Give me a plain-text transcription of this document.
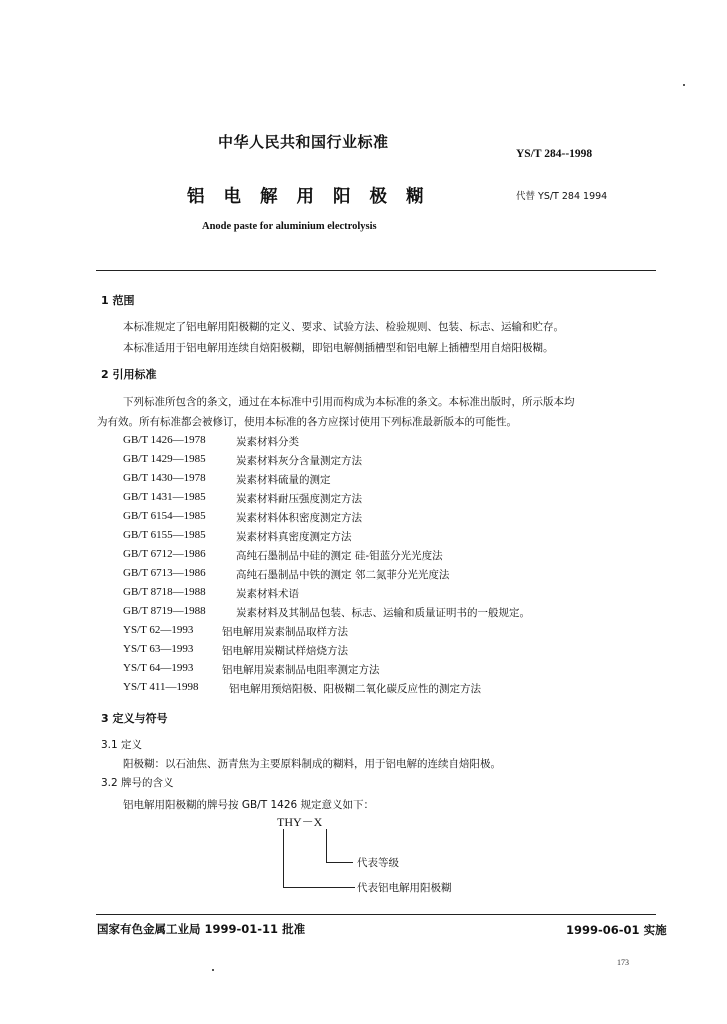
中华人民共和国行业标准
YS/T 284--1998
铝电解用阳极糊	代替 YS/T 284 1994
Anode paste for aluminium electrolysis
1 范围
本标准规定了铝电解用阳极糊的定义、要求、试验方法、检验规则、包装、标志、运输和贮存。
本标准适用于铝电解用连续自焙阳极糊，即铝电解侧插槽型和铝电解上插槽型用自焙阳极糊。
2 引用标准
下列标准所包含的条文，通过在本标准中引用而构成为本标准的条文。本标准出版时，所示版本均
为有效。所有标准都会被修订，使用本标准的各方应探讨使用下列标准最新版本的可能性。
GB/T 1426—1978	炭素材料分类
GB/T 1429—1985	炭素材料灰分含量测定方法
GB/T 1430—1978	炭素材料硫量的测定
GB/T 1431—1985	炭素材料耐压强度测定方法
GB/T 6154—1985	炭素材料体积密度测定方法
GB/T 6155—1985	炭素材料真密度测定方法
GB/T 6712—1986	高纯石墨制品中硅的测定 硅-钼蓝分光光度法
GB/T 6713—1986	高纯石墨制品中铁的测定 邻二氮菲分光光度法
GB/T 8718—1988	炭素材料术语
GB/T 8719—1988	炭素材料及其制品包装、标志、运输和质量证明书的一般规定。
YS/T 62—1993	铝电解用炭素制品取样方法
YS/T 63—1993	铝电解用炭糊试样焙烧方法
YS/T 64—1993	铝电解用炭素制品电阻率测定方法
YS/T 411—1998	铝电解用预焙阳极、阳极糊二氧化碳反应性的测定方法
3 定义与符号
3.1 定义
阳极糊：以石油焦、沥青焦为主要原料制成的糊料，用于铝电解的连续自焙阳极。
3.2 牌号的含义
铝电解用阳极糊的牌号按 GB/T 1426 规定意义如下：
THY－X
代表等级
代表铝电解用阳极糊
国家有色金属工业局 1999-01-11 批准	1999-06-01 实施
173
